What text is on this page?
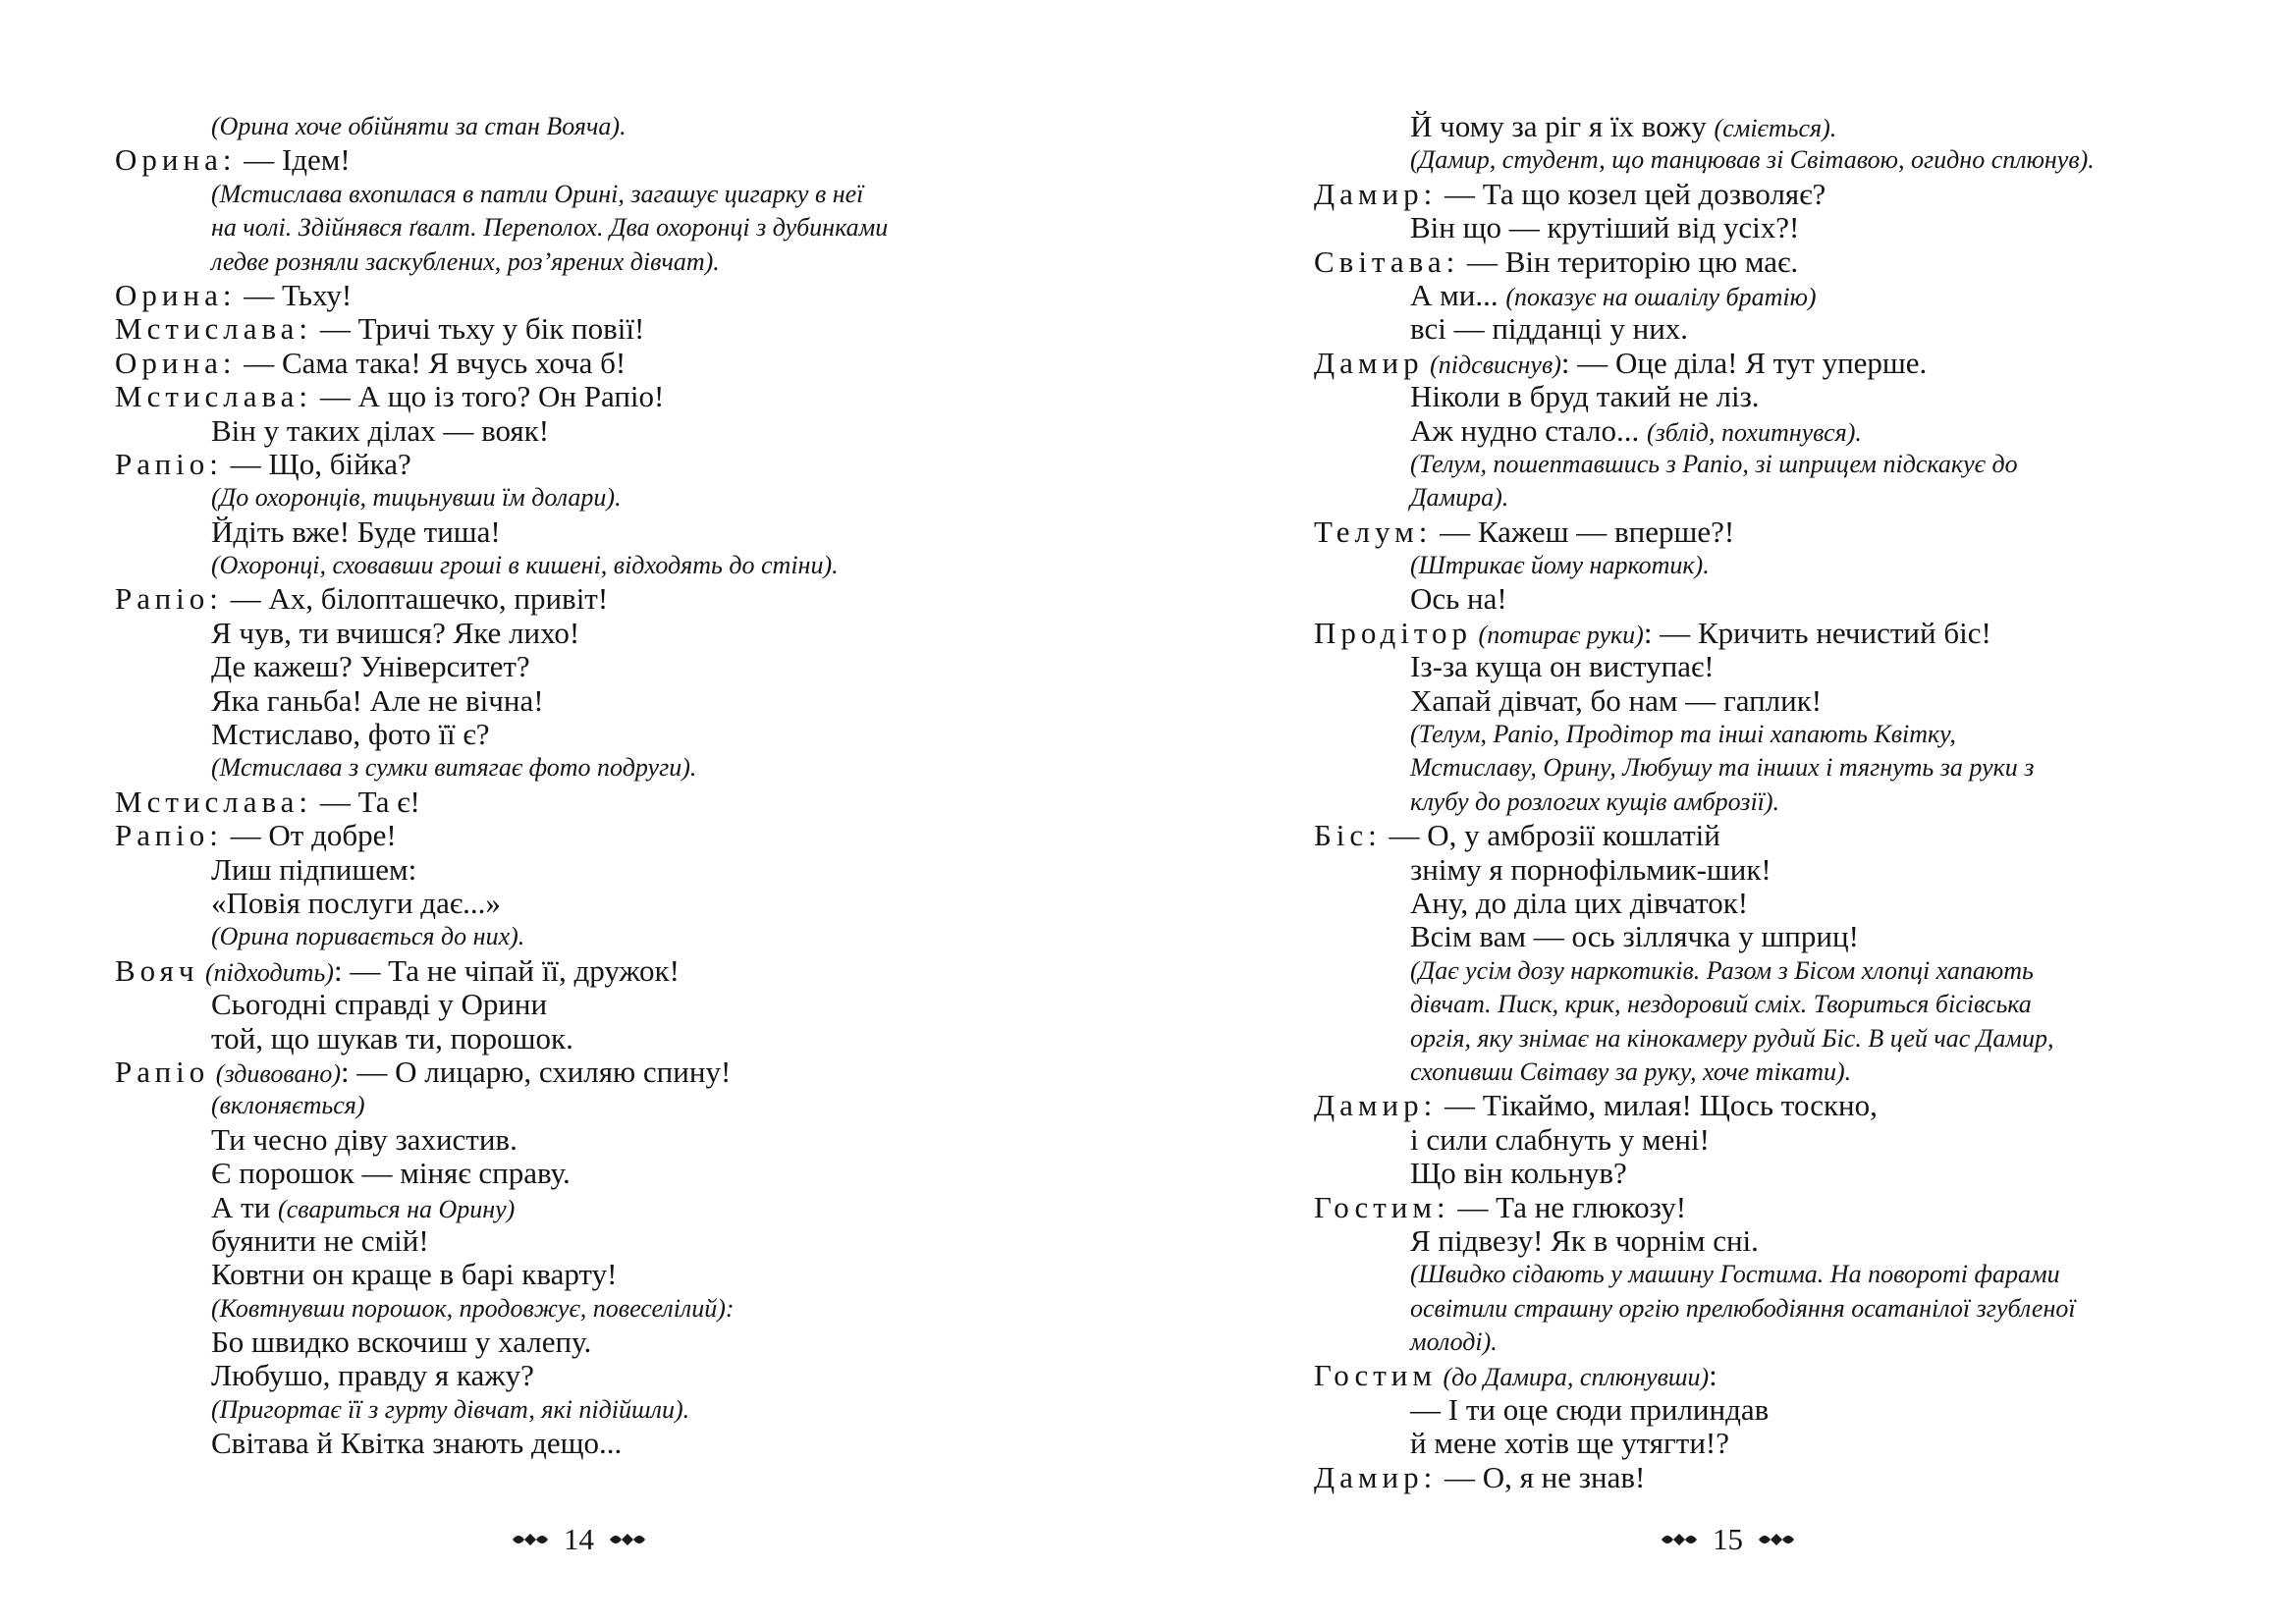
(Орина хоче обійняти за стан Вояча).
Орина: — Ідем!
(Мстислава вхопилася в патли Орині, загашує цигарку в неї
на чолі. Здійнявся ґвалт. Переполох. Два охоронці з дубинками
ледве розняли заскублених, роз’ярених дівчат).
Орина: — Тьху!
Мстислава: — Тричі тьху у бік повії!
Орина: — Сама така! Я вчусь хоча б!
Мстислава: — А що із того? Он Рапіо!
Він у таких ділах — вояк!
Рапіо: — Що, бійка?
(До охоронців, тицьнувши їм долари).
Йдіть вже! Буде тиша!
(Охоронці, сховавши гроші в кишені, відходять до стіни).
Рапіо: — Ах, білопташечко, привіт!
Я чув, ти вчишся? Яке лихо!
Де кажеш? Університет?
Яка ганьба! Але не вічна!
Мстиславо, фото її є?
(Мстислава з сумки витягає фото подруги).
Мстислава: — Та є!
Рапіо: — От добре!
Лиш підпишем:
«Повія послуги дає...»
(Орина поривається до них).
Вояч (підходить): — Та не чіпай її, дружок!
Сьогодні справді у Орини
той, що шукав ти, порошок.
Рапіо (здивовано): — О лицарю, схиляю спину!
(вклоняється)
Ти чесно діву захистив.
Є порошок — міняє справу.
А ти (свариться на Орину)
буянити не смій!
Ковтни он краще в барі кварту!
(Ковтнувши порошок, продовжує, повеселілий):
Бо швидко вскочиш у халепу.
Любушо, правду я кажу?
(Пригортає її з гурту дівчат, які підійшли).
Світава й Квітка знають дещо...
14
Й чому за ріг я їх вожу (сміється).
(Дамир, студент, що танцював зі Світавою, огидно сплюнув).
Дамир: — Та що козел цей дозволяє?
Він що — крутіший від усіх?!
Світава: — Він територію цю має.
А ми... (показує на ошалілу братію)
всі — підданці у них.
Дамир (підсвиснув): — Оце діла! Я тут уперше.
Ніколи в бруд такий не ліз.
Аж нудно стало... (зблід, похитнувся).
(Телум, пошептавшись з Рапіо, зі шприцем підскакує до
Дамира).
Телум: — Кажеш — вперше?!
(Штрикає йому наркотик).
Ось на!
Продітор (потирає руки): — Кричить нечистий біс!
Із-за куща он виступає!
Хапай дівчат, бо нам — гаплик!
(Телум, Рапіо, Продітор та інші хапають Квітку,
Мстиславу, Орину, Любушу та інших і тягнуть за руки з
клубу до розлогих кущів амброзії).
Біс: — О, у амброзії кошлатій
зніму я порнофільмик-шик!
Ану, до діла цих дівчаток!
Всім вам — ось зіллячка у шприц!
(Дає усім дозу наркотиків. Разом з Бісом хлопці хапають
дівчат. Писк, крик, нездоровий сміх. Твориться бісівська
оргія, яку знімає на кінокамеру рудий Біс. В цей час Дамир,
схопивши Світаву за руку, хоче тікати).
Дамир: — Тікаймо, милая! Щось тоскно,
і сили слабнуть у мені!
Що він кольнув?
Гостим: — Та не глюкозу!
Я підвезу! Як в чорнім сні.
(Швидко сідають у машину Гостима. На повороті фарами
освітили страшну оргію прелюбодіяння осатанілої згубленої
молоді).
Гостим (до Дамира, сплюнувши):
— І ти оце сюди прилиндав
й мене хотів ще утягти!?
Дамир: — О, я не знав!
15
